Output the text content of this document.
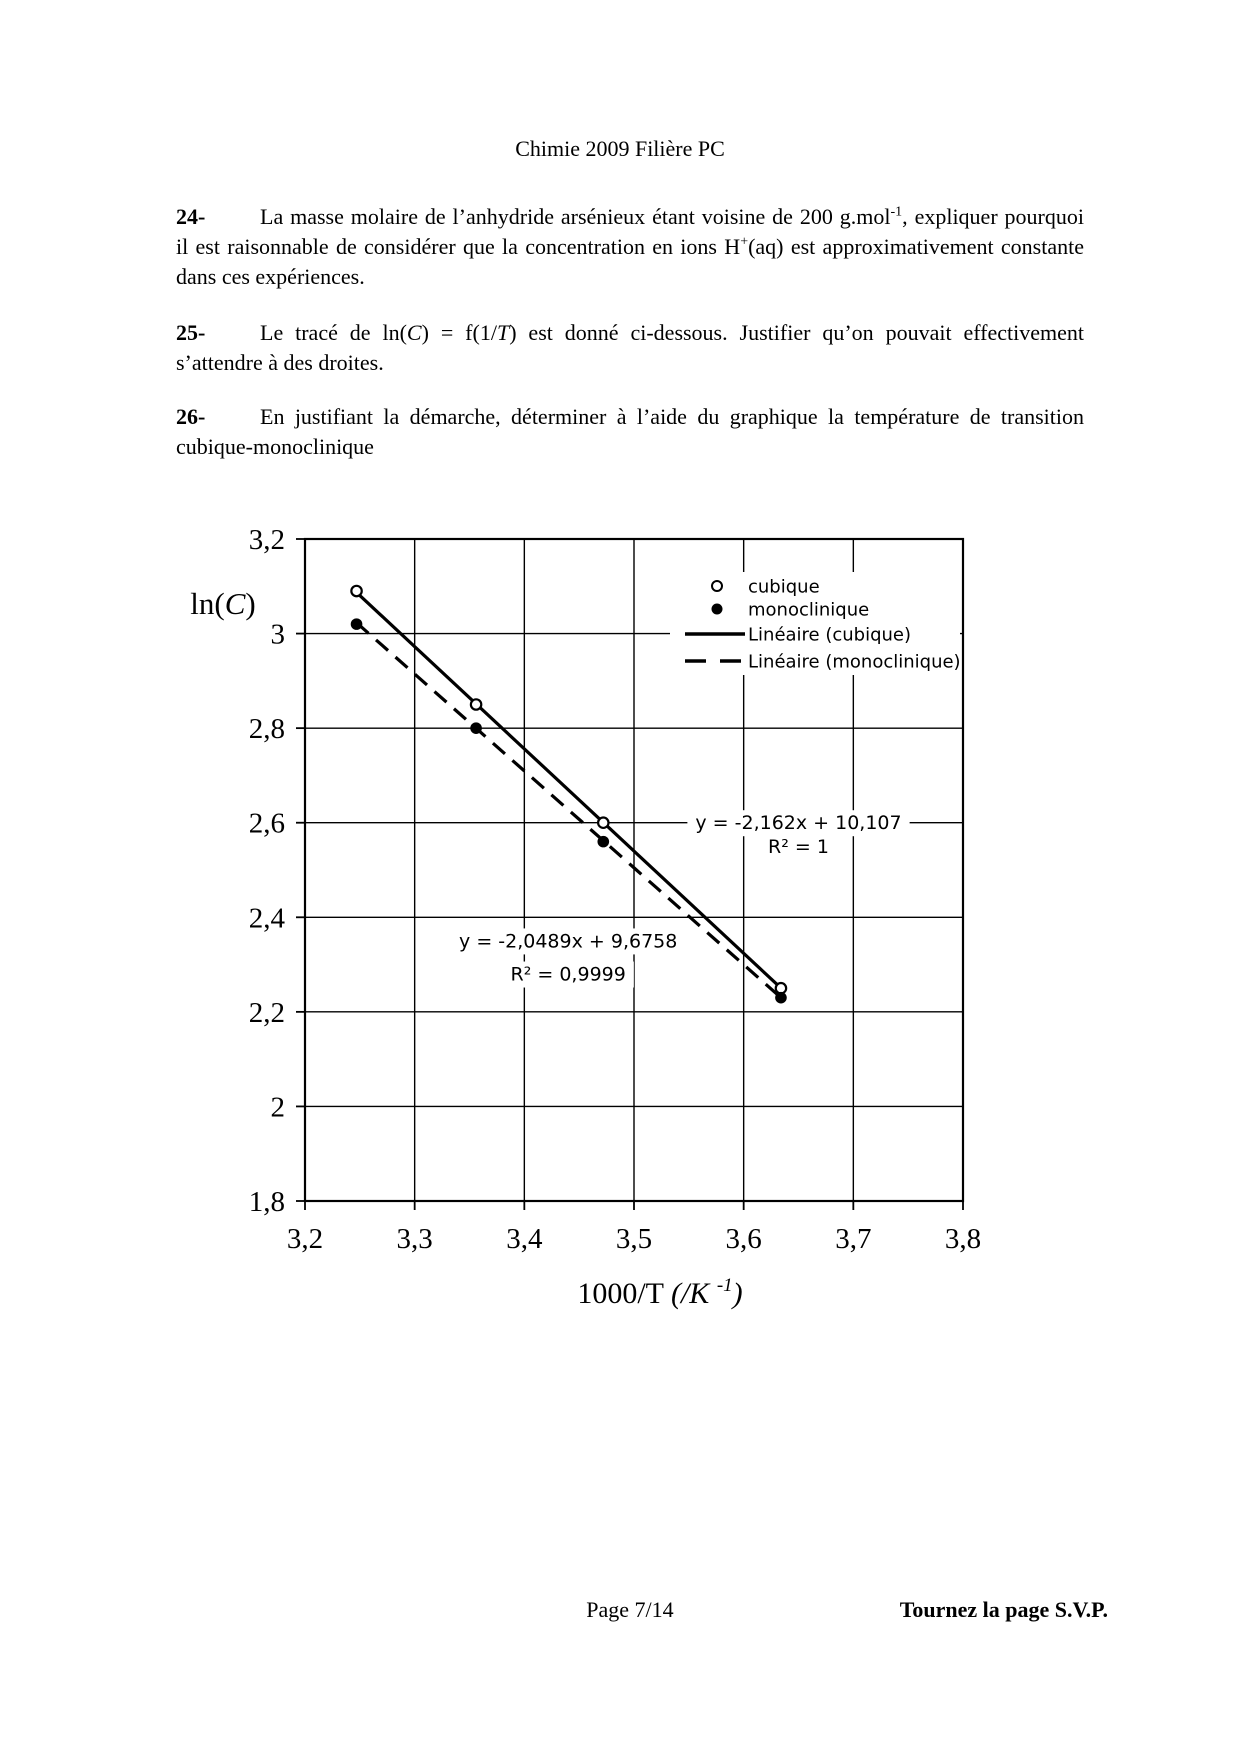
Chimie 2009 Filière PC

24- La masse molaire de l’anhydride arsénieux étant voisine de 200 g.mol$^{-1}$, expliquer pourquoi il est raisonnable de considérer que la concentration en ions H+(aq) est approximativement constante dans ces expériences.

25- Le tracé de ln(C) = f(1/T) est donné ci-dessous. Justifier qu’on pouvait effectivement s’attendre à des droites.

26- En justifiant la démarche, déterminer à l’aide du graphique la température de transition cubique-monoclinique

cubique
monoclinique
Linéaire (cubique)
Linéaire (monoclinique)
y = -2,162x + 10,107
R² = 1
y = -2,0489x + 9,6758
R² = 0,9999
3,2	3,3	3,4	3,5	3,6	3,7	3,8
3,2
3
2,8
2,6
2,4
2,2
2
1,8
ln(C)
1000/T (/K $^{-1}$)
Page 7/14	Tournez la page S.V.P.
